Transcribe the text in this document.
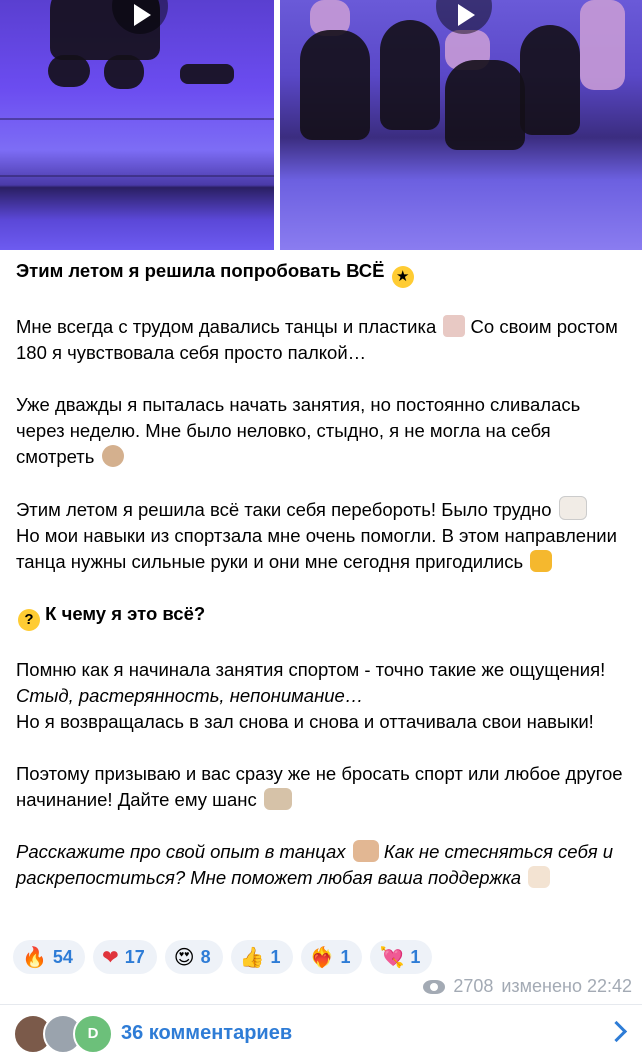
Этим летом я решила попробовать ВСЁ ★

Мне всегда с трудом давались танцы и пластика Со своим ростом 180 я чувствовала себя просто палкой…

Уже дважды я пыталась начать занятия, но постоянно сливалась через неделю. Мне было неловко, стыдно, я не могла на себя смотреть

Этим летом я решила всё таки себя перебороть! Было трудно
Но мои навыки из спортзала мне очень помогли. В этом направлении танца нужны сильные руки и они мне сегодня пригодились

? К чему я это всё?

Помню как я начинала занятия спортом - точно такие же ощущения! Стыд, растерянность, непонимание…
Но я возвращалась в зал снова и снова и оттачивала свои навыки!

Поэтому призываю и вас сразу же не бросать спорт или любое другое начинание! Дайте ему шанс

Расскажите про свой опыт в танцах Как не стесняться себя и раскрепоститься? Мне поможет любая ваша поддержка

🔥 54 ❤ 17 😍 8 👍 1 ❤‍🔥 1 💘 1
2708 изменено 22:42
D	36 комментариев
